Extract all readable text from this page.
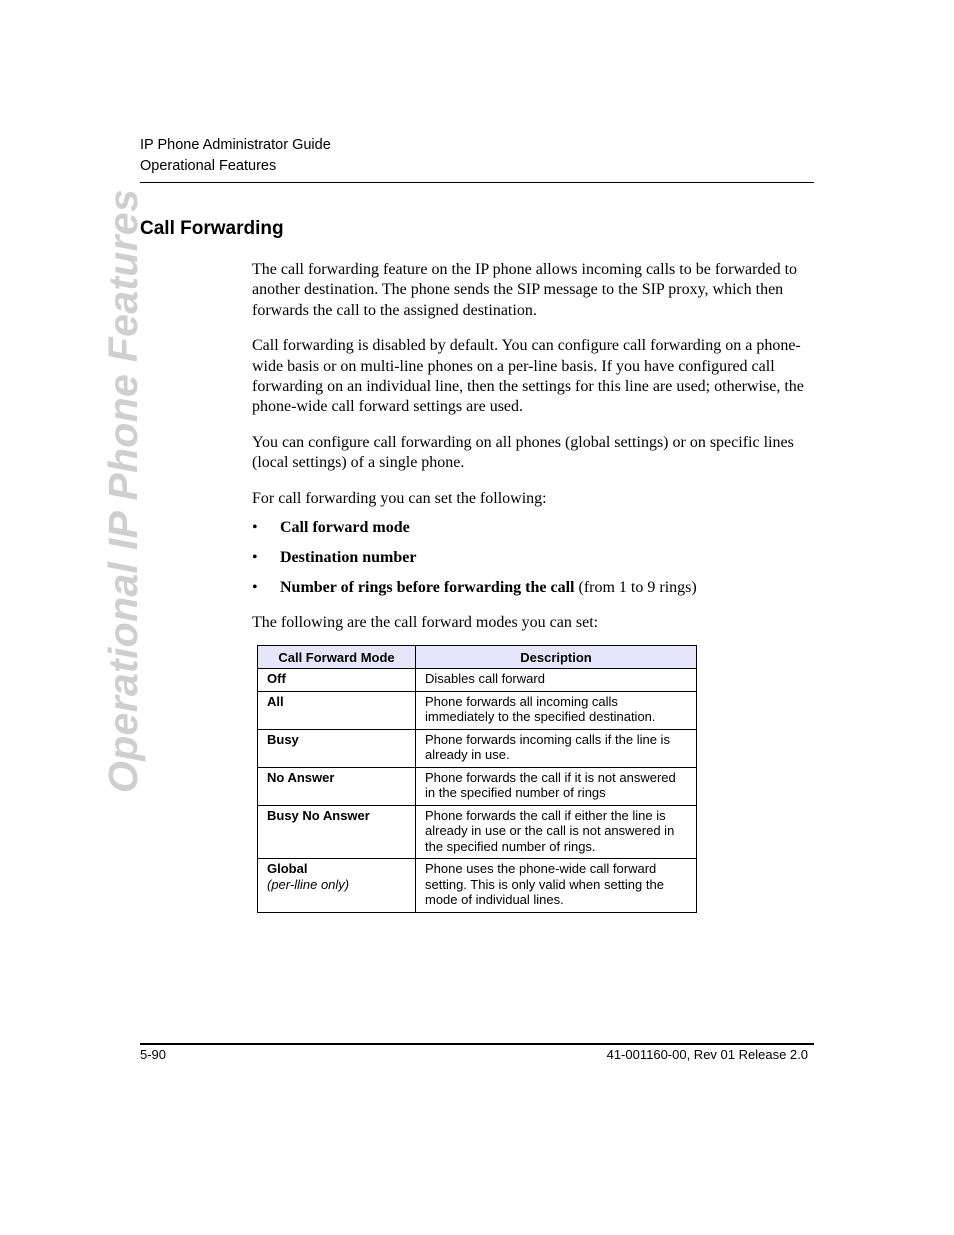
IP Phone Administrator Guide
Operational Features
Operational IP Phone Features
Call Forwarding

The call forwarding feature on the IP phone allows incoming calls to be forwarded to another destination. The phone sends the SIP message to the SIP proxy, which then forwards the call to the assigned destination.

Call forwarding is disabled by default. You can configure call forwarding on a phone-wide basis or on multi-line phones on a per-line basis. If you have configured call forwarding on an individual line, then the settings for this line are used; otherwise, the phone-wide call forward settings are used.

You can configure call forwarding on all phones (global settings) or on specific lines (local settings) of a single phone.

For call forwarding you can set the following:

• Call forward mode
• Destination number
• Number of rings before forwarding the call (from 1 to 9 rings)

The following are the call forward modes you can set:

Call Forward Mode	Description
Off	Disables call forward
All	Phone forwards all incoming calls immediately to the specified destination.
Busy	Phone forwards incoming calls if the line is already in use.
No Answer	Phone forwards the call if it is not answered in the specified number of rings
Busy No Answer	Phone forwards the call if either the line is already in use or the call is not answered in the specified number of rings.
Global
(per-lline only)	Phone uses the phone-wide call forward setting. This is only valid when setting the mode of individual lines.
5-90	41-001160-00, Rev 01 Release 2.0
